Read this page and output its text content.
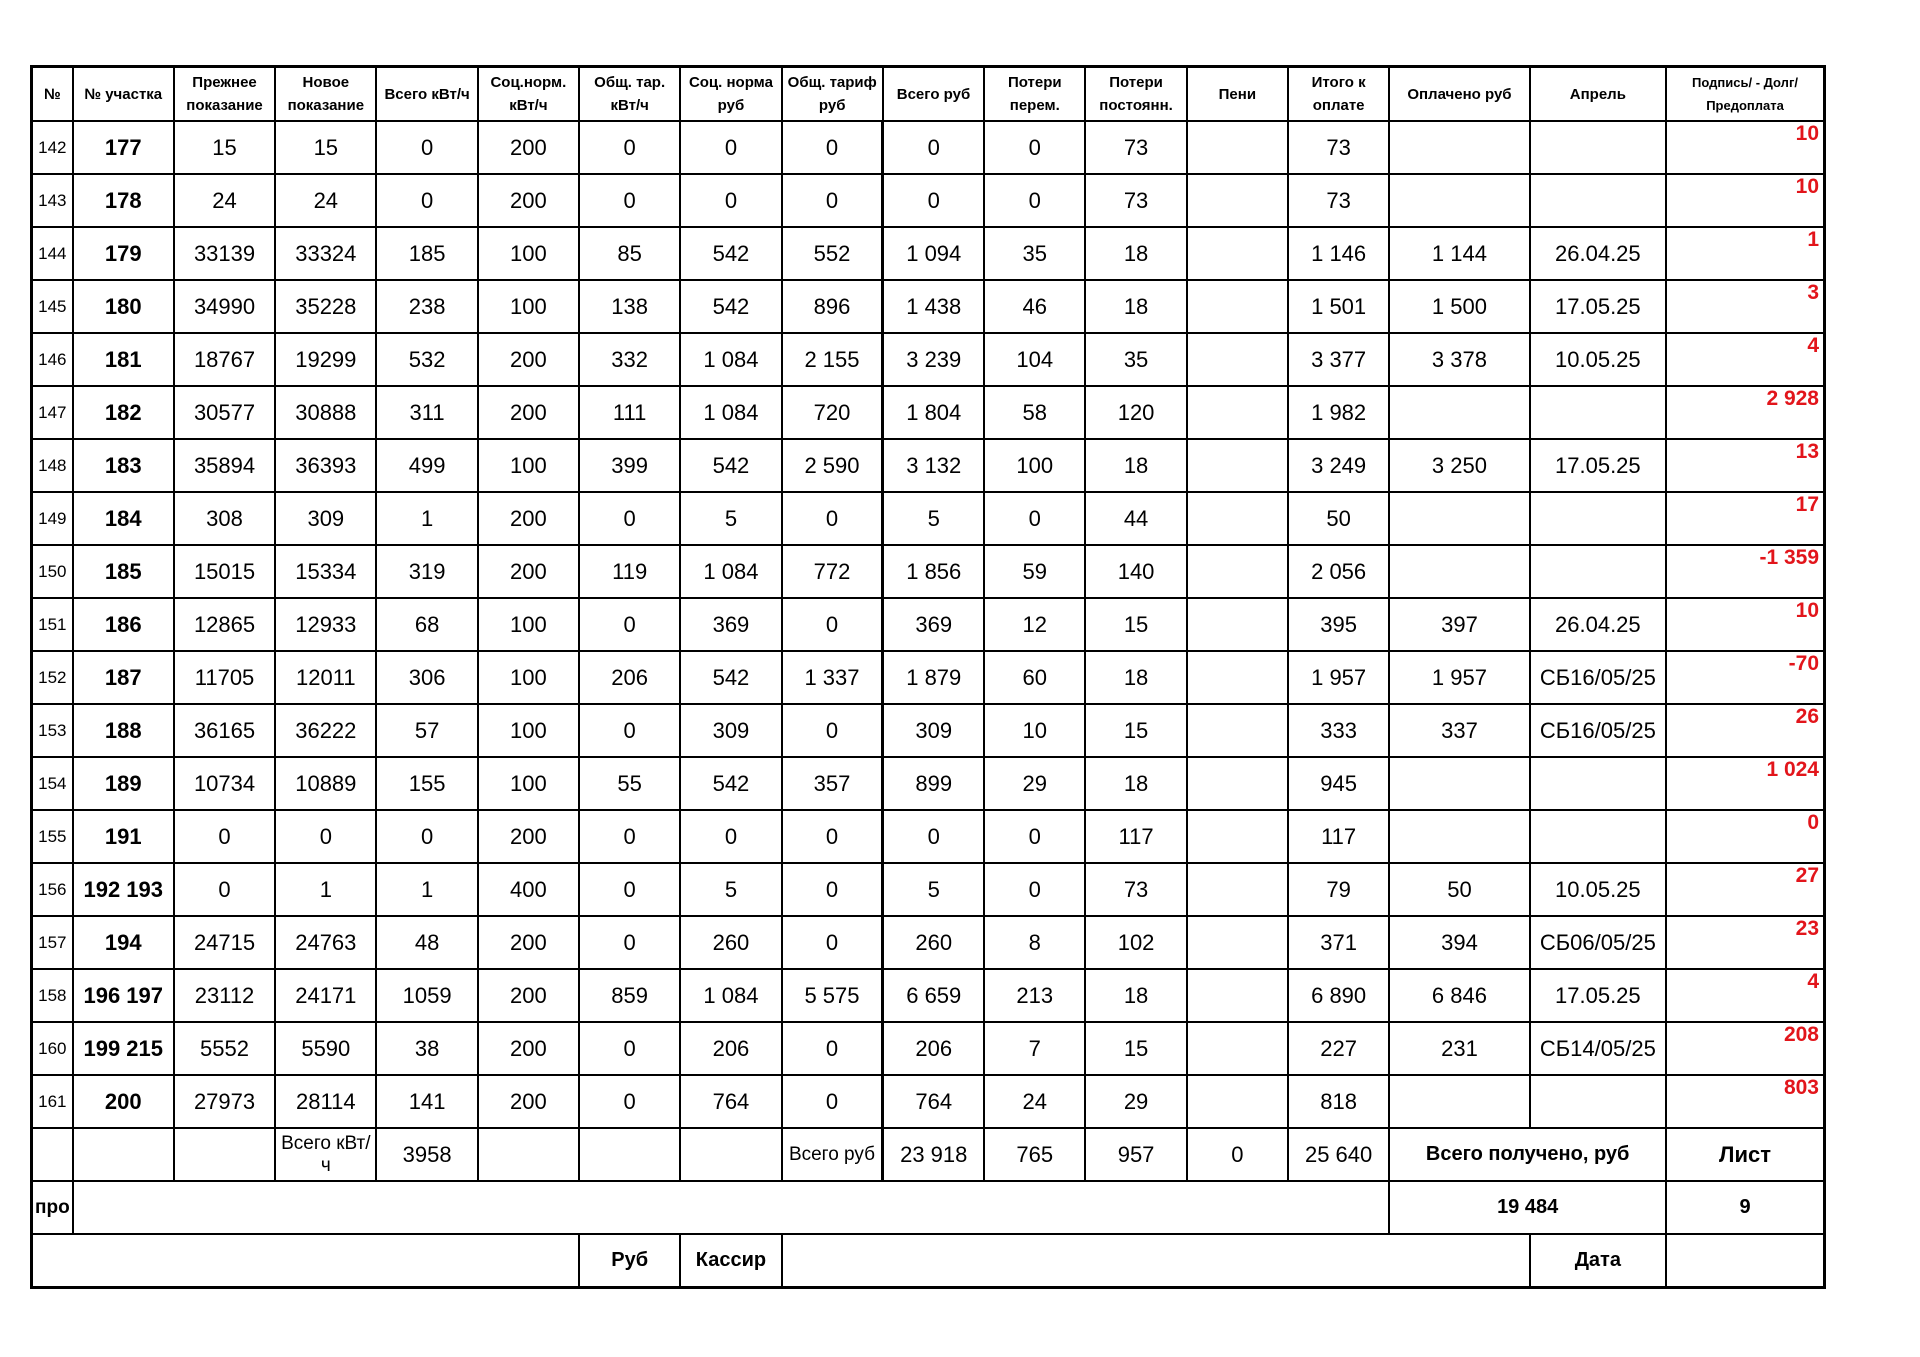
№	№ участка	Прежнее показание	Новое показание	Всего кВт/ч	Соц.норм. кВт/ч	Общ. тар. кВт/ч	Соц. норма руб	Общ. тариф руб	Всего руб	Потери перем.	Потери постоянн.	Пени	Итого к оплате	Оплачено руб	Апрель	Подпись/ - Долг/Предоплата
142	177	15	15	0	200	0	0	0	0	0	73		73			10
143	178	24	24	0	200	0	0	0	0	0	73		73			10
144	179	33139	33324	185	100	85	542	552	1 094	35	18		1 146	1 144	26.04.25	1
145	180	34990	35228	238	100	138	542	896	1 438	46	18		1 501	1 500	17.05.25	3
146	181	18767	19299	532	200	332	1 084	2 155	3 239	104	35		3 377	3 378	10.05.25	4
147	182	30577	30888	311	200	111	1 084	720	1 804	58	120		1 982			2 928
148	183	35894	36393	499	100	399	542	2 590	3 132	100	18		3 249	3 250	17.05.25	13
149	184	308	309	1	200	0	5	0	5	0	44		50			17
150	185	15015	15334	319	200	119	1 084	772	1 856	59	140		2 056			-1 359
151	186	12865	12933	68	100	0	369	0	369	12	15		395	397	26.04.25	10
152	187	11705	12011	306	100	206	542	1 337	1 879	60	18		1 957	1 957	СБ16/05/25	-70
153	188	36165	36222	57	100	0	309	0	309	10	15		333	337	СБ16/05/25	26
154	189	10734	10889	155	100	55	542	357	899	29	18		945			1 024
155	191	0	0	0	200	0	0	0	0	0	117		117			0
156	192 193	0	1	1	400	0	5	0	5	0	73		79	50	10.05.25	27
157	194	24715	24763	48	200	0	260	0	260	8	102		371	394	СБ06/05/25	23
158	196 197	23112	24171	1059	200	859	1 084	5 575	6 659	213	18		6 890	6 846	17.05.25	4
160	199 215	5552	5590	38	200	0	206	0	206	7	15		227	231	СБ14/05/25	208
161	200	27973	28114	141	200	0	764	0	764	24	29		818			803
			Всего кВт/ч	3958				Всего руб	23 918	765	957	0	25 640	Всего получено, руб		Лист
про														19 484		9
						Руб	Кассир								Дата	
